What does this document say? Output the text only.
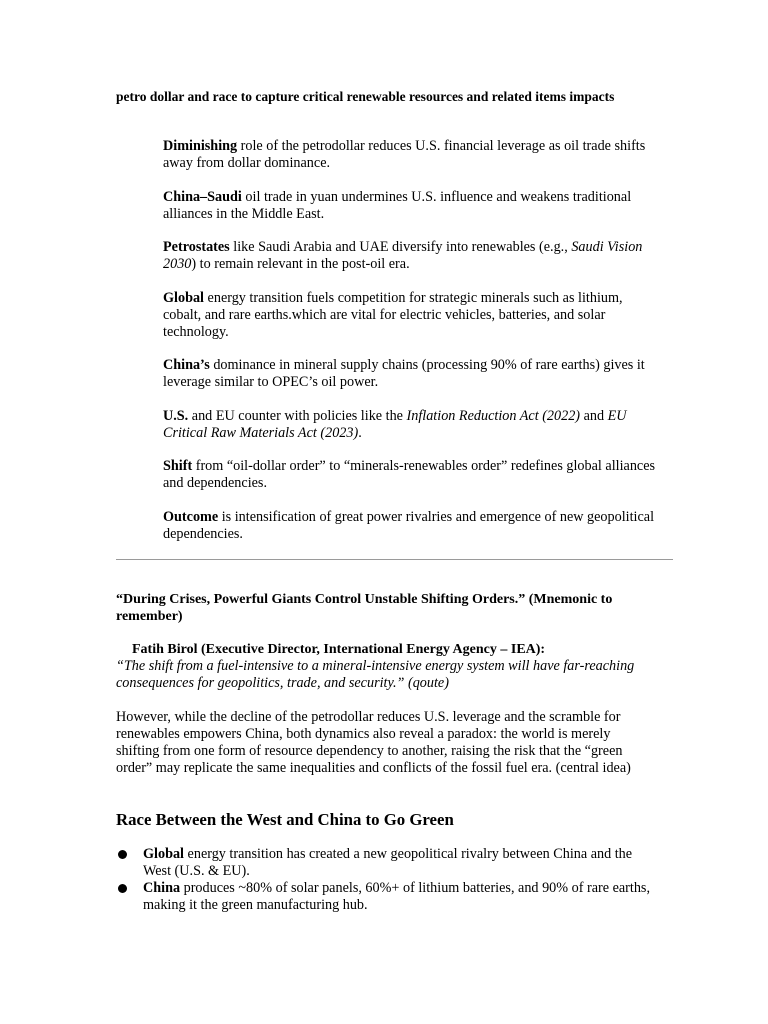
petro dollar and race to capture critical renewable resources and related items impacts

Diminishing role of the petrodollar reduces U.S. financial leverage as oil trade shifts away from dollar dominance.

China–Saudi oil trade in yuan undermines U.S. influence and weakens traditional alliances in the Middle East.

Petrostates like Saudi Arabia and UAE diversify into renewables (e.g., Saudi Vision 2030) to remain relevant in the post-oil era.

Global energy transition fuels competition for strategic minerals such as lithium, cobalt, and rare earths.which are vital for electric vehicles, batteries, and solar technology.

China’s dominance in mineral supply chains (processing 90% of rare earths) gives it leverage similar to OPEC’s oil power.

U.S. and EU counter with policies like the Inflation Reduction Act (2022) and EU Critical Raw Materials Act (2023).

Shift from “oil-dollar order” to “minerals-renewables order” redefines global alliances and dependencies.

Outcome is intensification of great power rivalries and emergence of new geopolitical dependencies.

“During Crises, Powerful Giants Control Unstable Shifting Orders.” (Mnemonic to remember)

Fatih Birol (Executive Director, International Energy Agency – IEA):

“The shift from a fuel-intensive to a mineral-intensive energy system will have far-reaching consequences for geopolitics, trade, and security.” (qoute)

However, while the decline of the petrodollar reduces U.S. leverage and the scramble for renewables empowers China, both dynamics also reveal a paradox: the world is merely shifting from one form of resource dependency to another, raising the risk that the “green order” may replicate the same inequalities and conflicts of the fossil fuel era. (central idea)

Race Between the West and China to Go Green
Global energy transition has created a new geopolitical rivalry between China and the West (U.S. & EU).
China produces ~80% of solar panels, 60%+ of lithium batteries, and 90% of rare earths, making it the green manufacturing hub.
